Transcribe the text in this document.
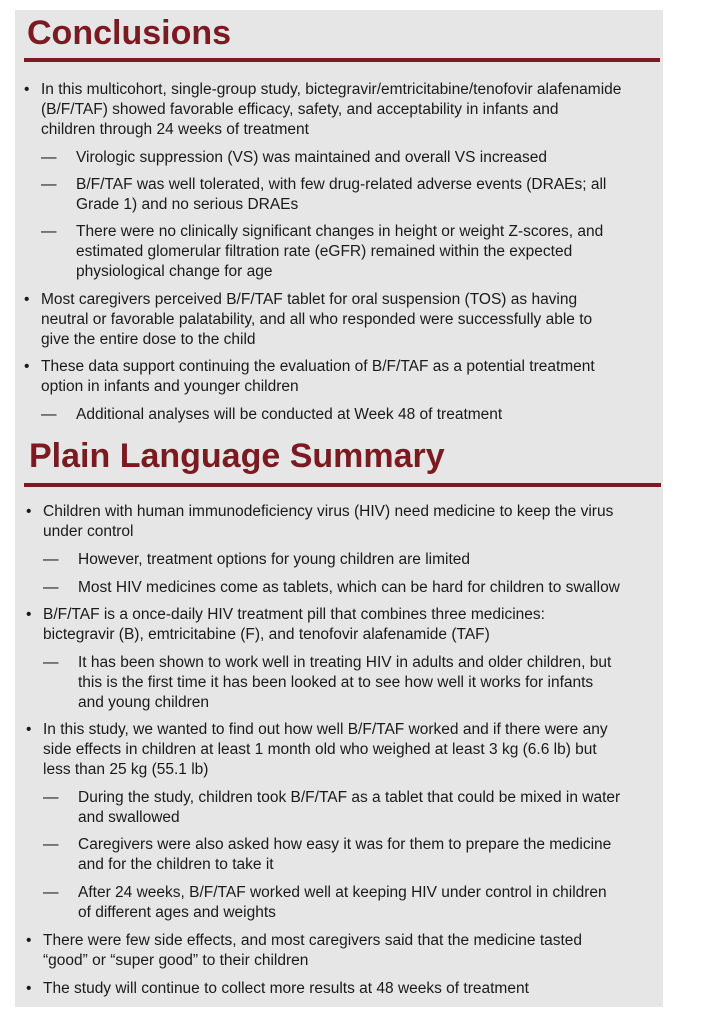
Conclusions
• In this multicohort, single-group study, bictegravir/emtricitabine/tenofovir alafenamide
(B/F/TAF) showed favorable efficacy, safety, and acceptability in infants and
children through 24 weeks of treatment
— Virologic suppression (VS) was maintained and overall VS increased
— B/F/TAF was well tolerated, with few drug-related adverse events (DRAEs; all
Grade 1) and no serious DRAEs
— There were no clinically significant changes in height or weight Z-scores, and
estimated glomerular filtration rate (eGFR) remained within the expected
physiological change for age
• Most caregivers perceived B/F/TAF tablet for oral suspension (TOS) as having
neutral or favorable palatability, and all who responded were successfully able to
give the entire dose to the child
• These data support continuing the evaluation of B/F/TAF as a potential treatment
option in infants and younger children
— Additional analyses will be conducted at Week 48 of treatment
Plain Language Summary
• Children with human immunodeficiency virus (HIV) need medicine to keep the virus
under control
— However, treatment options for young children are limited
— Most HIV medicines come as tablets, which can be hard for children to swallow
• B/F/TAF is a once-daily HIV treatment pill that combines three medicines:
bictegravir (B), emtricitabine (F), and tenofovir alafenamide (TAF)
— It has been shown to work well in treating HIV in adults and older children, but
this is the first time it has been looked at to see how well it works for infants
and young children
• In this study, we wanted to find out how well B/F/TAF worked and if there were any
side effects in children at least 1 month old who weighed at least 3 kg (6.6 lb) but
less than 25 kg (55.1 lb)
— During the study, children took B/F/TAF as a tablet that could be mixed in water
and swallowed
— Caregivers were also asked how easy it was for them to prepare the medicine
and for the children to take it
— After 24 weeks, B/F/TAF worked well at keeping HIV under control in children
of different ages and weights
• There were few side effects, and most caregivers said that the medicine tasted
“good” or “super good” to their children
• The study will continue to collect more results at 48 weeks of treatment
